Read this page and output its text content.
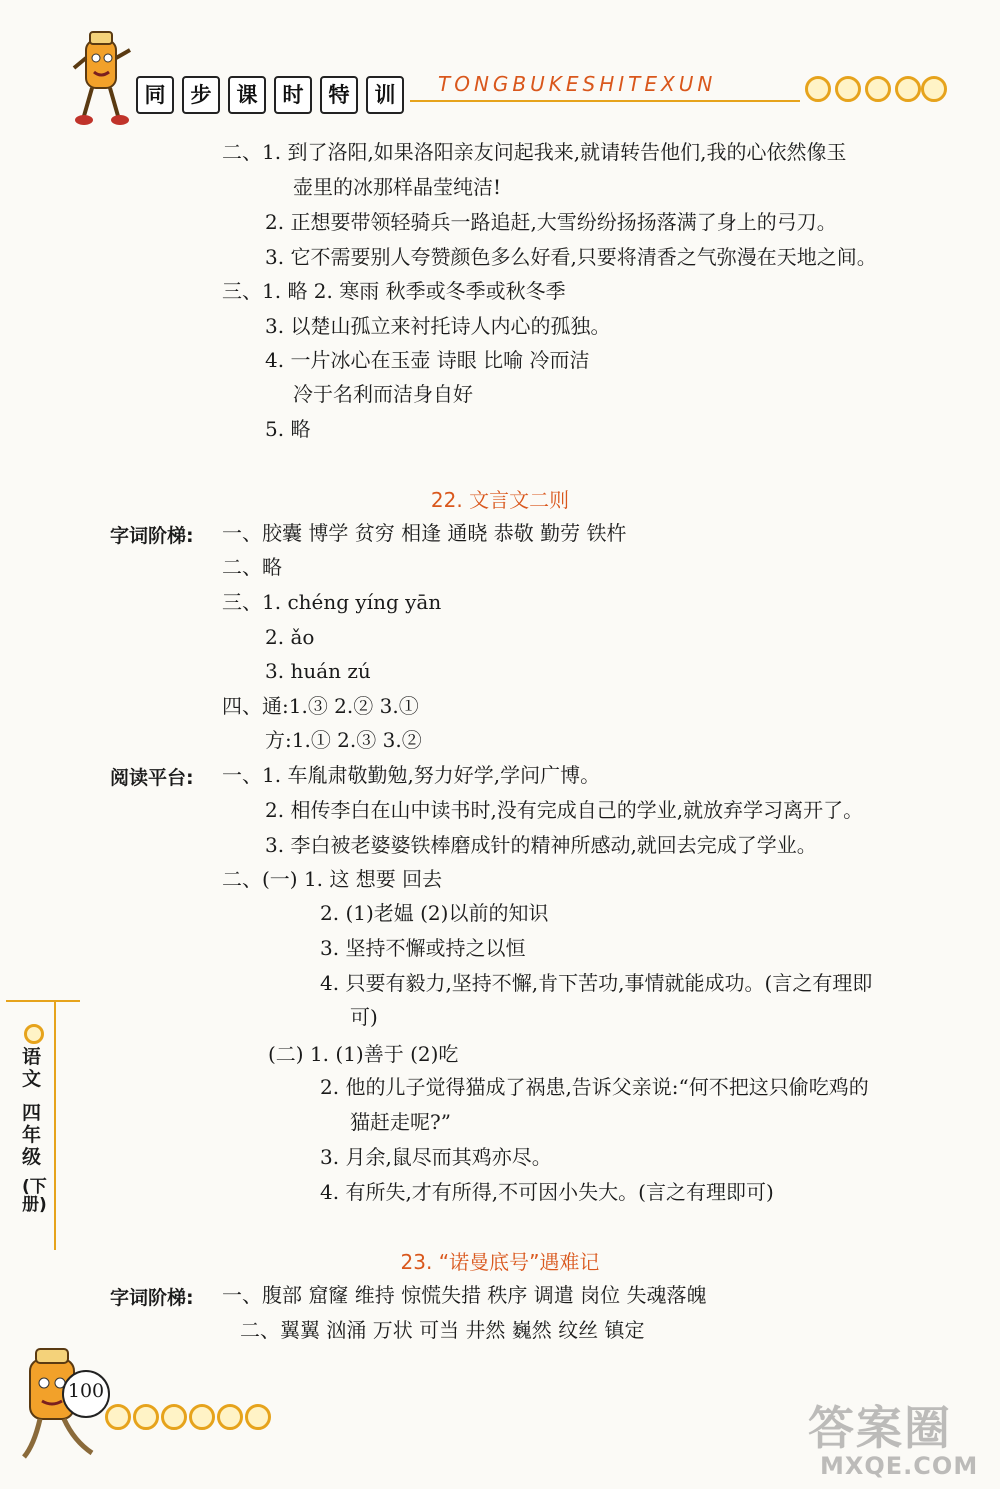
同	步	课	时	特	训	TONGBUKESHITEXUN
二、1. 到了洛阳,如果洛阳亲友问起我来,就请转告他们,我的心依然像玉
壶里的冰那样晶莹纯洁!
2. 正想要带领轻骑兵一路追赶,大雪纷纷扬扬落满了身上的弓刀。
3. 它不需要别人夸赞颜色多么好看,只要将清香之气弥漫在天地之间。
三、1. 略 2. 寒雨 秋季或冬季或秋冬季
3. 以楚山孤立来衬托诗人内心的孤独。
4. 一片冰心在玉壶 诗眼 比喻 冷而洁
冷于名利而洁身自好
5. 略
22. 文言文二则
字词阶梯: 一、胶囊 博学 贫穷 相逢 通晓 恭敬 勤劳 铁杵
二、略
三、1. chéng yíng yān
2. ǎo
3. huán zú
四、通:1.③ 2.② 3.①
方:1.① 2.③ 3.②
阅读平台: 一、1. 车胤肃敬勤勉,努力好学,学问广博。
2. 相传李白在山中读书时,没有完成自己的学业,就放弃学习离开了。
3. 李白被老婆婆铁棒磨成针的精神所感动,就回去完成了学业。
二、(一) 1. 这 想要 回去
2. (1)老媪 (2)以前的知识
3. 坚持不懈或持之以恒
4. 只要有毅力,坚持不懈,肯下苦功,事情就能成功。(言之有理即
可)
(二) 1. (1)善于 (2)吃
2. 他的儿子觉得猫成了祸患,告诉父亲说:“何不把这只偷吃鸡的
猫赶走呢?”
3. 月余,鼠尽而其鸡亦尽。
4. 有所失,才有所得,不可因小失大。(言之有理即可)
23. “诺曼底号”遇难记
字词阶梯: 一、腹部 窟窿 维持 惊慌失措 秩序 调遣 岗位 失魂落魄
二、翼翼 汹涌 万状 可当 井然 巍然 纹丝 镇定
语文
四年级
(下册)
100
答案圈
MXQE.COM
